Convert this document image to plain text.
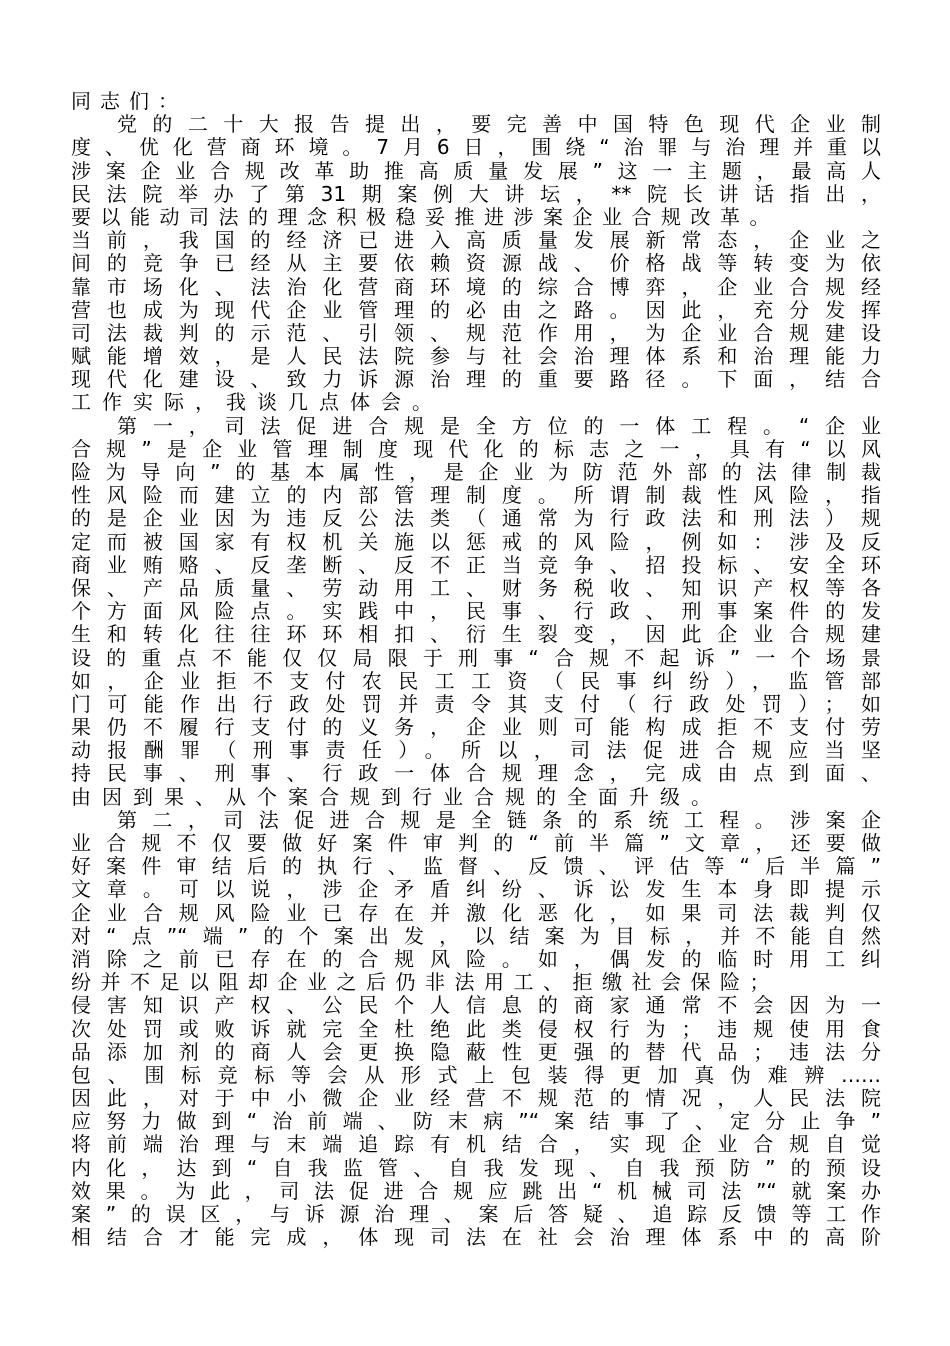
同志们：
党的二十大报告提出，要完善中国特色现代企业制
度、优化营商环境。7月6日，围绕“治罪与治理并重以
涉案企业合规改革助推高质量发展”这一主题，最高人
民法院举办了第31期案例大讲坛，**院长讲话指出，
要以能动司法的理念积极稳妥推进涉案企业合规改革。
当前，我国的经济已进入高质量发展新常态，企业之
间的竞争已经从主要依赖资源战、价格战等转变为依
靠市场化、法治化营商环境的综合博弈，企业合规经
营也成为现代企业管理的必由之路。因此，充分发挥
司法裁判的示范、引领、规范作用，为企业合规建设
赋能增效，是人民法院参与社会治理体系和治理能力
现代化建设、致力诉源治理的重要路径。下面，结合
工作实际，我谈几点体会。
第一，司法促进合规是全方位的一体工程。“企业
合规”是企业管理制度现代化的标志之一，具有“以风
险为导向”的基本属性，是企业为防范外部的法律制裁
性风险而建立的内部管理制度。所谓制裁性风险，指
的是企业因为违反公法类（通常为行政法和刑法）规
定而被国家有权机关施以惩戒的风险，例如：涉及反
商业贿赂、反垄断、反不正当竞争、招投标、安全环
保、产品质量、劳动用工、财务税收、知识产权等各
个方面风险点。实践中，民事、行政、刑事案件的发
生和转化往往环环相扣、衍生裂变，因此企业合规建
设的重点不能仅仅局限于刑事“合规不起诉”一个场景
如，企业拒不支付农民工工资（民事纠纷），监管部
门可能作出行政处罚并责令其支付（行政处罚）；如
果仍不履行支付的义务，企业则可能构成拒不支付劳
动报酬罪（刑事责任）。所以，司法促进合规应当坚
持民事、刑事、行政一体合规理念，完成由点到面、
由因到果、从个案合规到行业合规的全面升级。
第二，司法促进合规是全链条的系统工程。涉案企
业合规不仅要做好案件审判的“前半篇”文章，还要做
好案件审结后的执行、监督、反馈、评估等“后半篇”
文章。可以说，涉企矛盾纠纷、诉讼发生本身即提示
企业合规风险业已存在并激化恶化，如果司法裁判仅
对“点”“端”的个案出发，以结案为目标，并不能自然
消除之前已存在的合规风险。如，偶发的临时用工纠
纷并不足以阻却企业之后仍非法用工、拒缴社会保险；
侵害知识产权、公民个人信息的商家通常不会因为一
次处罚或败诉就完全杜绝此类侵权行为；违规使用食
品添加剂的商人会更换隐蔽性更强的替代品；违法分
包、围标竞标等会从形式上包装得更加真伪难辨……
因此，对于中小微企业经营不规范的情况，人民法院
应努力做到“治前端、防末病”“案结事了、定分止争”
将前端治理与末端追踪有机结合，实现企业合规自觉
内化，达到“自我监管、自我发现、自我预防”的预设
效果。为此，司法促进合规应跳出“机械司法”“就案办
案”的误区，与诉源治理、案后答疑、追踪反馈等工作
相结合才能完成，体现司法在社会治理体系中的高阶
